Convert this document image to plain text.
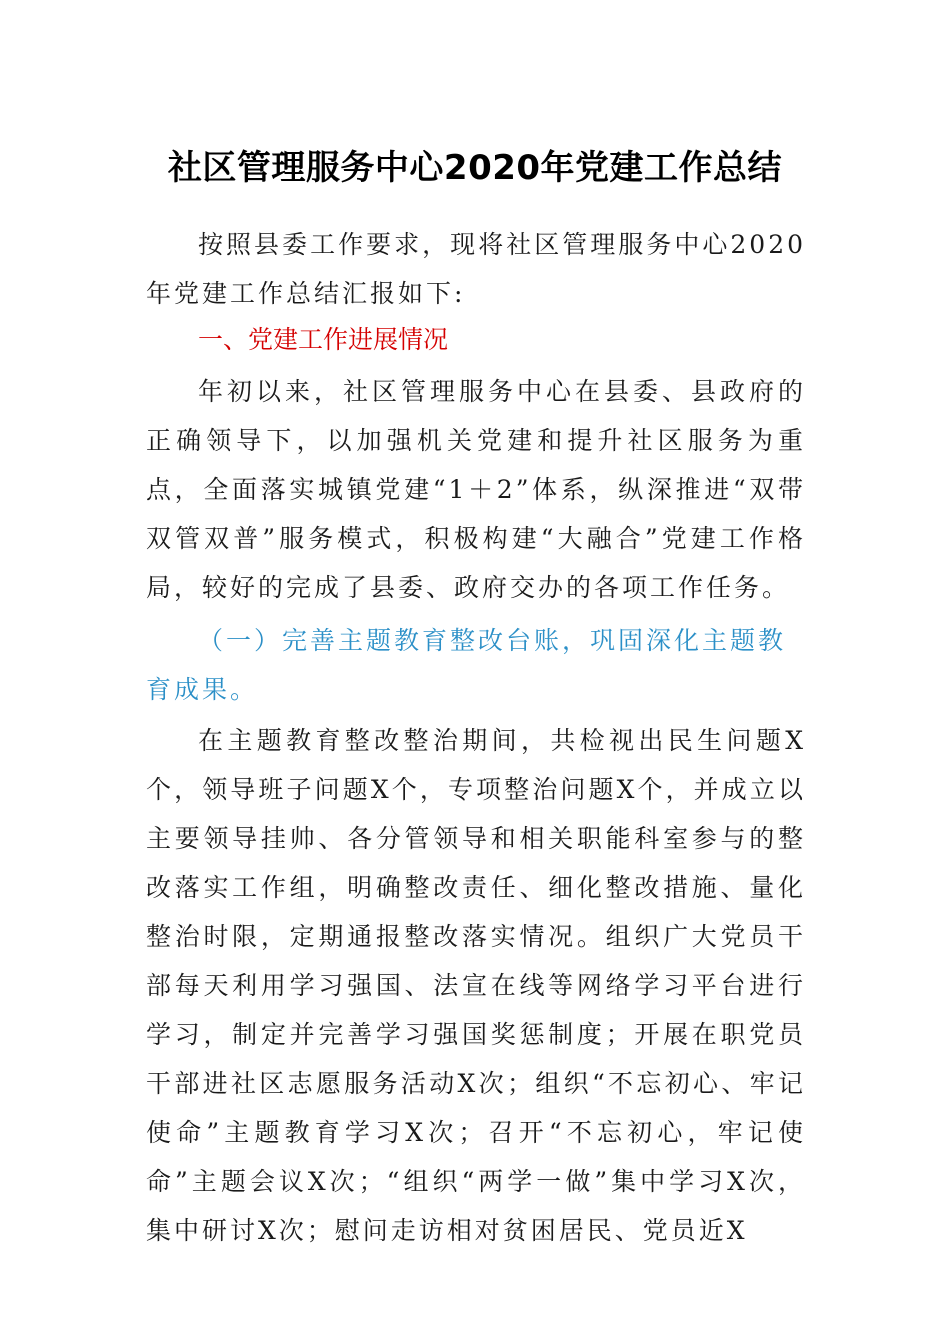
社区管理服务中心2020年党建工作总结

按照县委工作要求，现将社区管理服务中心2020年党建工作总结汇报如下:

一、党建工作进展情况

年初以来，社区管理服务中心在县委、县政府的正确领导下，以加强机关党建和提升社区服务为重点，全面落实城镇党建“1＋2”体系，纵深推进“双带双管双普”服务模式，积极构建“大融合”党建工作格局，较好的完成了县委、政府交办的各项工作任务。

（一）完善主题教育整改台账，巩固深化主题教育成果。

在主题教育整改整治期间，共检视出民生问题X个，领导班子问题X个，专项整治问题X个，并成立以主要领导挂帅、各分管领导和相关职能科室参与的整改落实工作组，明确整改责任、细化整改措施、量化整治时限，定期通报整改落实情况。组织广大党员干部每天利用学习强国、法宣在线等网络学习平台进行学习，制定并完善学习强国奖惩制度；开展在职党员干部进社区志愿服务活动X次；组织“不忘初心、牢记使命”主题教育学习X次；召开“不忘初心，牢记使命”主题会议X次；“组织“两学一做”集中学习X次，集中研讨X次；慰问走访相对贫困居民、党员近X
